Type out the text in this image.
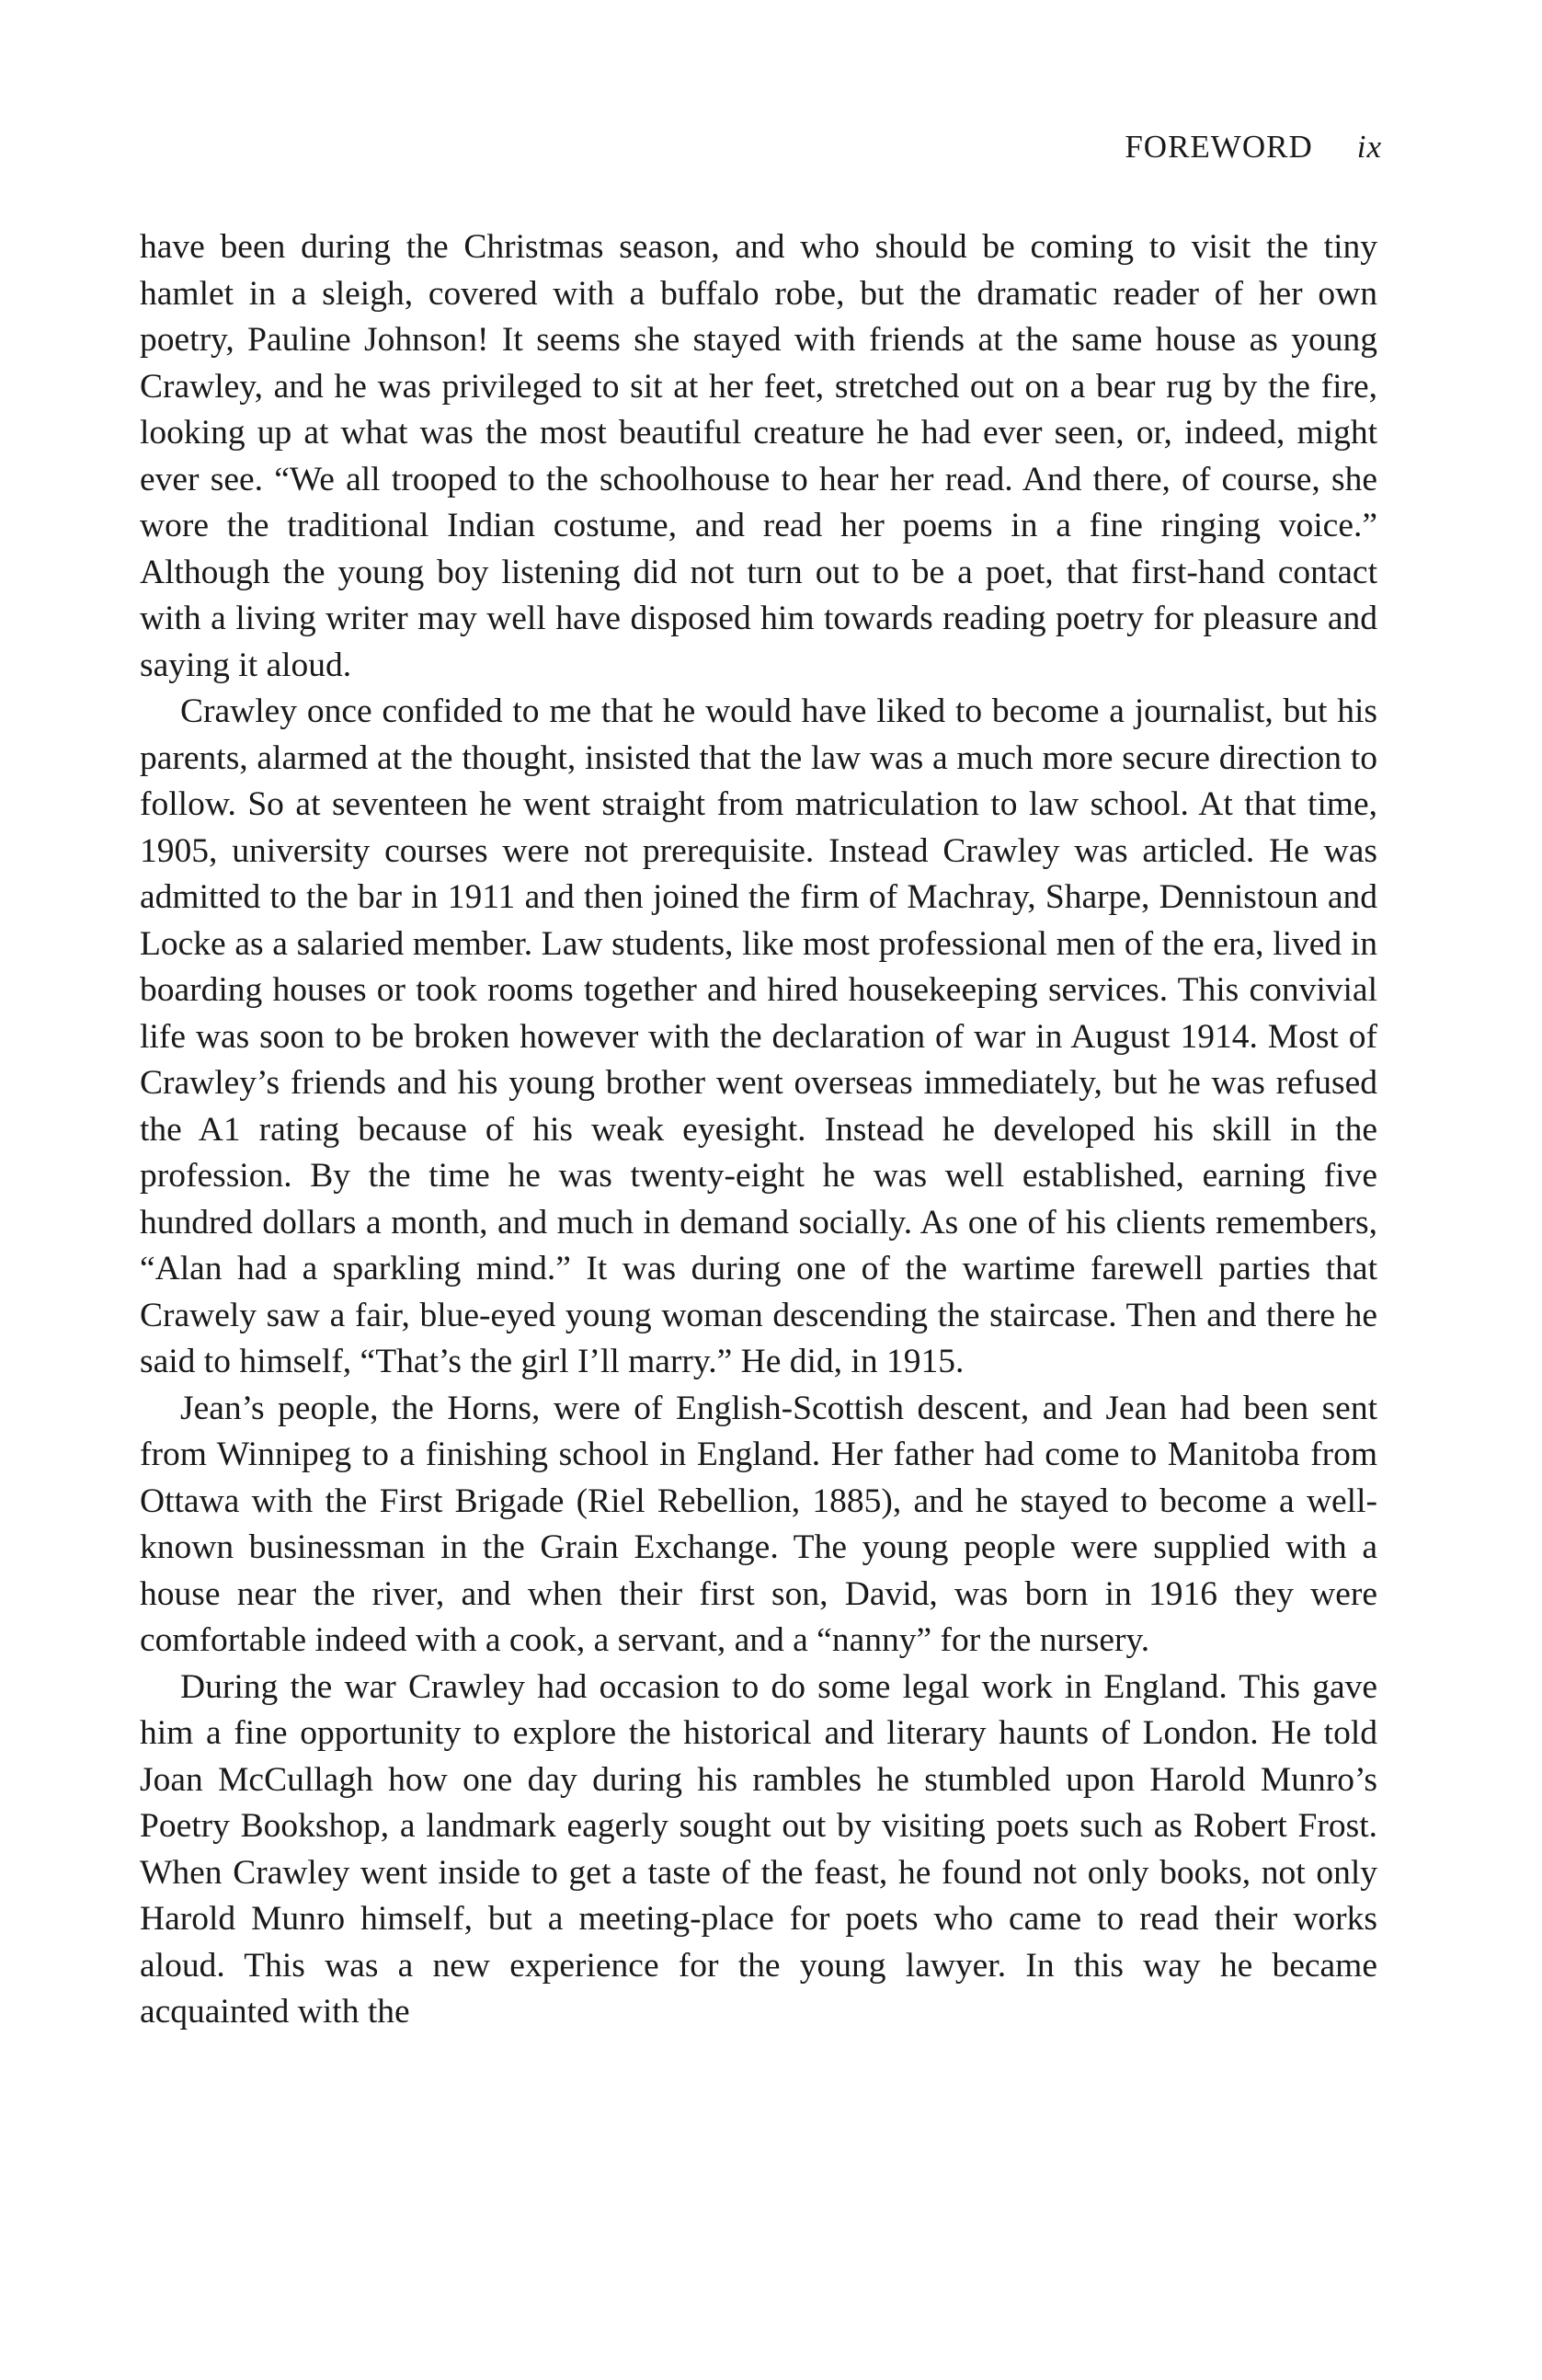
FOREWORD ix

have been during the Christmas season, and who should be coming to visit the tiny hamlet in a sleigh, covered with a buffalo robe, but the dramatic reader of her own poetry, Pauline Johnson! It seems she stayed with friends at the same house as young Crawley, and he was privileged to sit at her feet, stretched out on a bear rug by the fire, looking up at what was the most beautiful creature he had ever seen, or, indeed, might ever see. “We all trooped to the schoolhouse to hear her read. And there, of course, she wore the traditional Indian costume, and read her poems in a fine ringing voice.” Although the young boy listening did not turn out to be a poet, that first-hand contact with a living writer may well have disposed him towards reading poetry for pleasure and saying it aloud.

Crawley once confided to me that he would have liked to become a journalist, but his parents, alarmed at the thought, insisted that the law was a much more secure direction to follow. So at seventeen he went straight from matriculation to law school. At that time, 1905, university courses were not prerequisite. Instead Crawley was articled. He was admitted to the bar in 1911 and then joined the firm of Machray, Sharpe, Dennistoun and Locke as a salaried member. Law students, like most professional men of the era, lived in boarding houses or took rooms together and hired housekeeping services. This convivial life was soon to be broken however with the declaration of war in August 1914. Most of Crawley’s friends and his young brother went overseas immediately, but he was refused the A1 rating because of his weak eyesight. Instead he developed his skill in the profession. By the time he was twenty-eight he was well established, earning five hundred dollars a month, and much in demand socially. As one of his clients remembers, “Alan had a sparkling mind.” It was during one of the wartime farewell parties that Crawely saw a fair, blue-eyed young woman descending the staircase. Then and there he said to himself, “That’s the girl I’ll marry.” He did, in 1915.

Jean’s people, the Horns, were of English-Scottish descent, and Jean had been sent from Winnipeg to a finishing school in England. Her father had come to Manitoba from Ottawa with the First Brigade (Riel Rebellion, 1885), and he stayed to become a well-known businessman in the Grain Exchange. The young people were supplied with a house near the river, and when their first son, David, was born in 1916 they were comfortable indeed with a cook, a servant, and a “nanny” for the nursery.

During the war Crawley had occasion to do some legal work in England. This gave him a fine opportunity to explore the historical and literary haunts of London. He told Joan McCullagh how one day during his rambles he stumbled upon Harold Munro’s Poetry Bookshop, a landmark eagerly sought out by visiting poets such as Robert Frost. When Crawley went inside to get a taste of the feast, he found not only books, not only Harold Munro himself, but a meeting-place for poets who came to read their works aloud. This was a new experience for the young lawyer. In this way he became acquainted with the
